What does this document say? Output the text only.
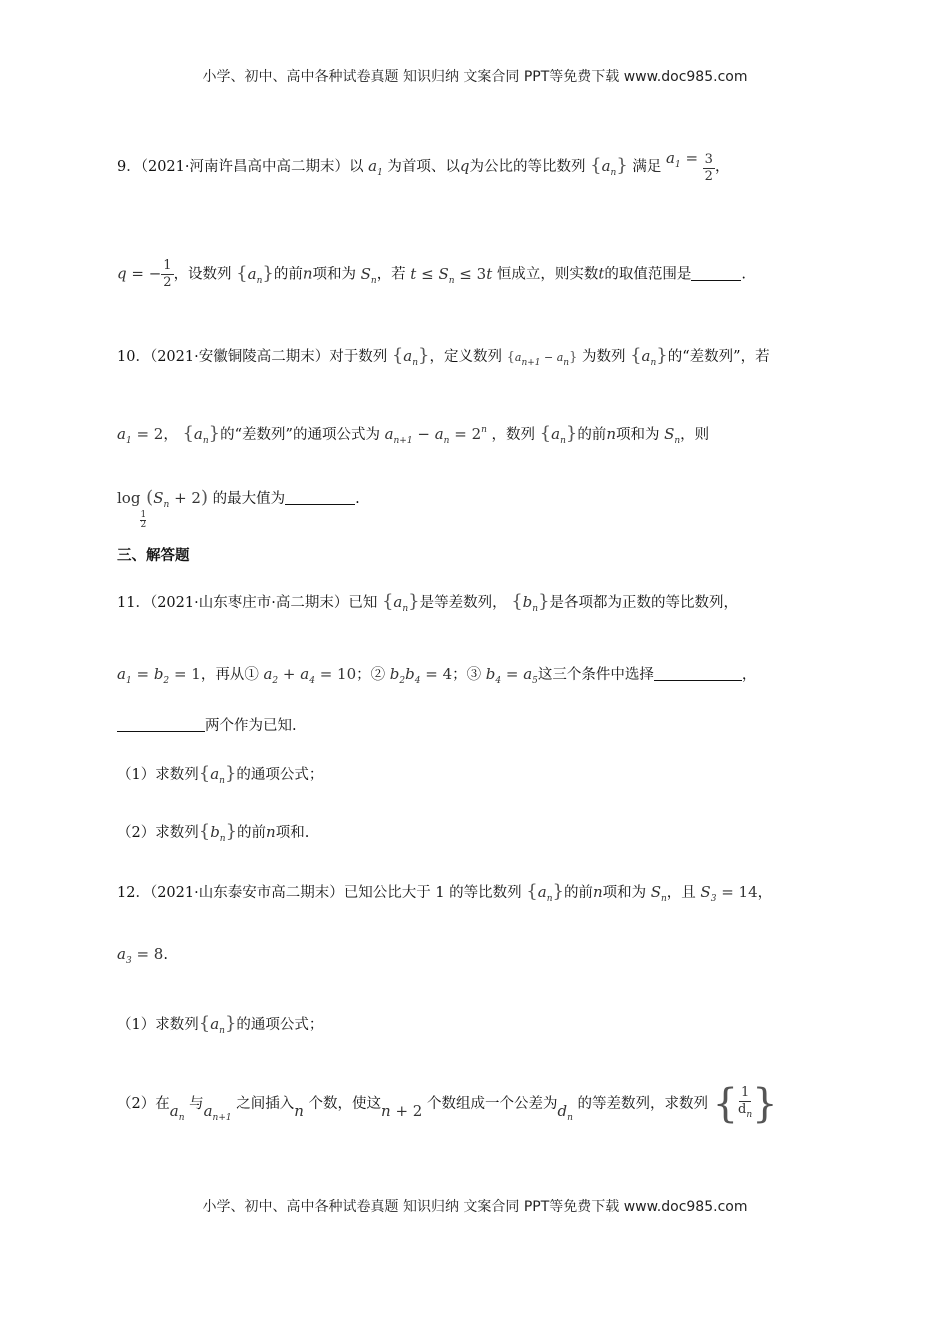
小学、初中、高中各种试卷真题 知识归纳 文案合同 PPT等免费下载 www.doc985.com
9．（2021·河南许昌高中高二期末）以 $a_1$ 为首项、以q为公比的等比数列 $\{a_n\}$ 满足 $a_1 = \frac{3}{2}$ ，
q = − $\frac{1}{2}$ ，设数列 $\{a_n\}$的前n项和为 $S_n$，若 $t \le S_n \le 3t$ 恒成立，则实数t的取值范围是	.
10．（2021·安徽铜陵高二期末）对于数列 $\{a_n\}$，定义数列 $\{a_{n+1} - a_n\}$ 为数列 $\{a_n\}$的“差数列”，若
$a_1 = 2$， $\{a_n\}$的“差数列”的通项公式为 $a_{n+1} - a_n = 2^n$ ，数列 $\{a_n\}$的前n项和为 $S_n$，则
log
$_{\frac{1}{2}}$
$(S_n + 2)$ 的最大值为	.
三、解答题
11．（2021·山东枣庄市·高二期末）已知 $\{a_n\}$是等差数列， $\{b_n\}$是各项都为正数的等比数列，
$a_1 = b_2 = 1$，再从① $a_2 + a_4 = 10$；② $b_2b_4 = 4$；③ $b_4 = a_5$这三个条件中选择	，
两个作为已知.
（1）求数列$\{a_n\}$的通项公式；
（2）求数列$\{b_n\}$的前n项和.
12．（2021·山东泰安市高二期末）已知公比大于 1 的等比数列 $\{a_n\}$的前n项和为 $S_n$，且 $S_3 = 14$，
$a_3 = 8$.
（1）求数列$\{a_n\}$的通项公式；
（2）在$a_n$ 与$a_{n+1}$ 之间插入n 个数，使这n + 2 个数组成一个公差为$d_n$ 的等差数列，求数列 { $\frac{1}{d_n}$ }
小学、初中、高中各种试卷真题 知识归纳 文案合同 PPT等免费下载 www.doc985.com
